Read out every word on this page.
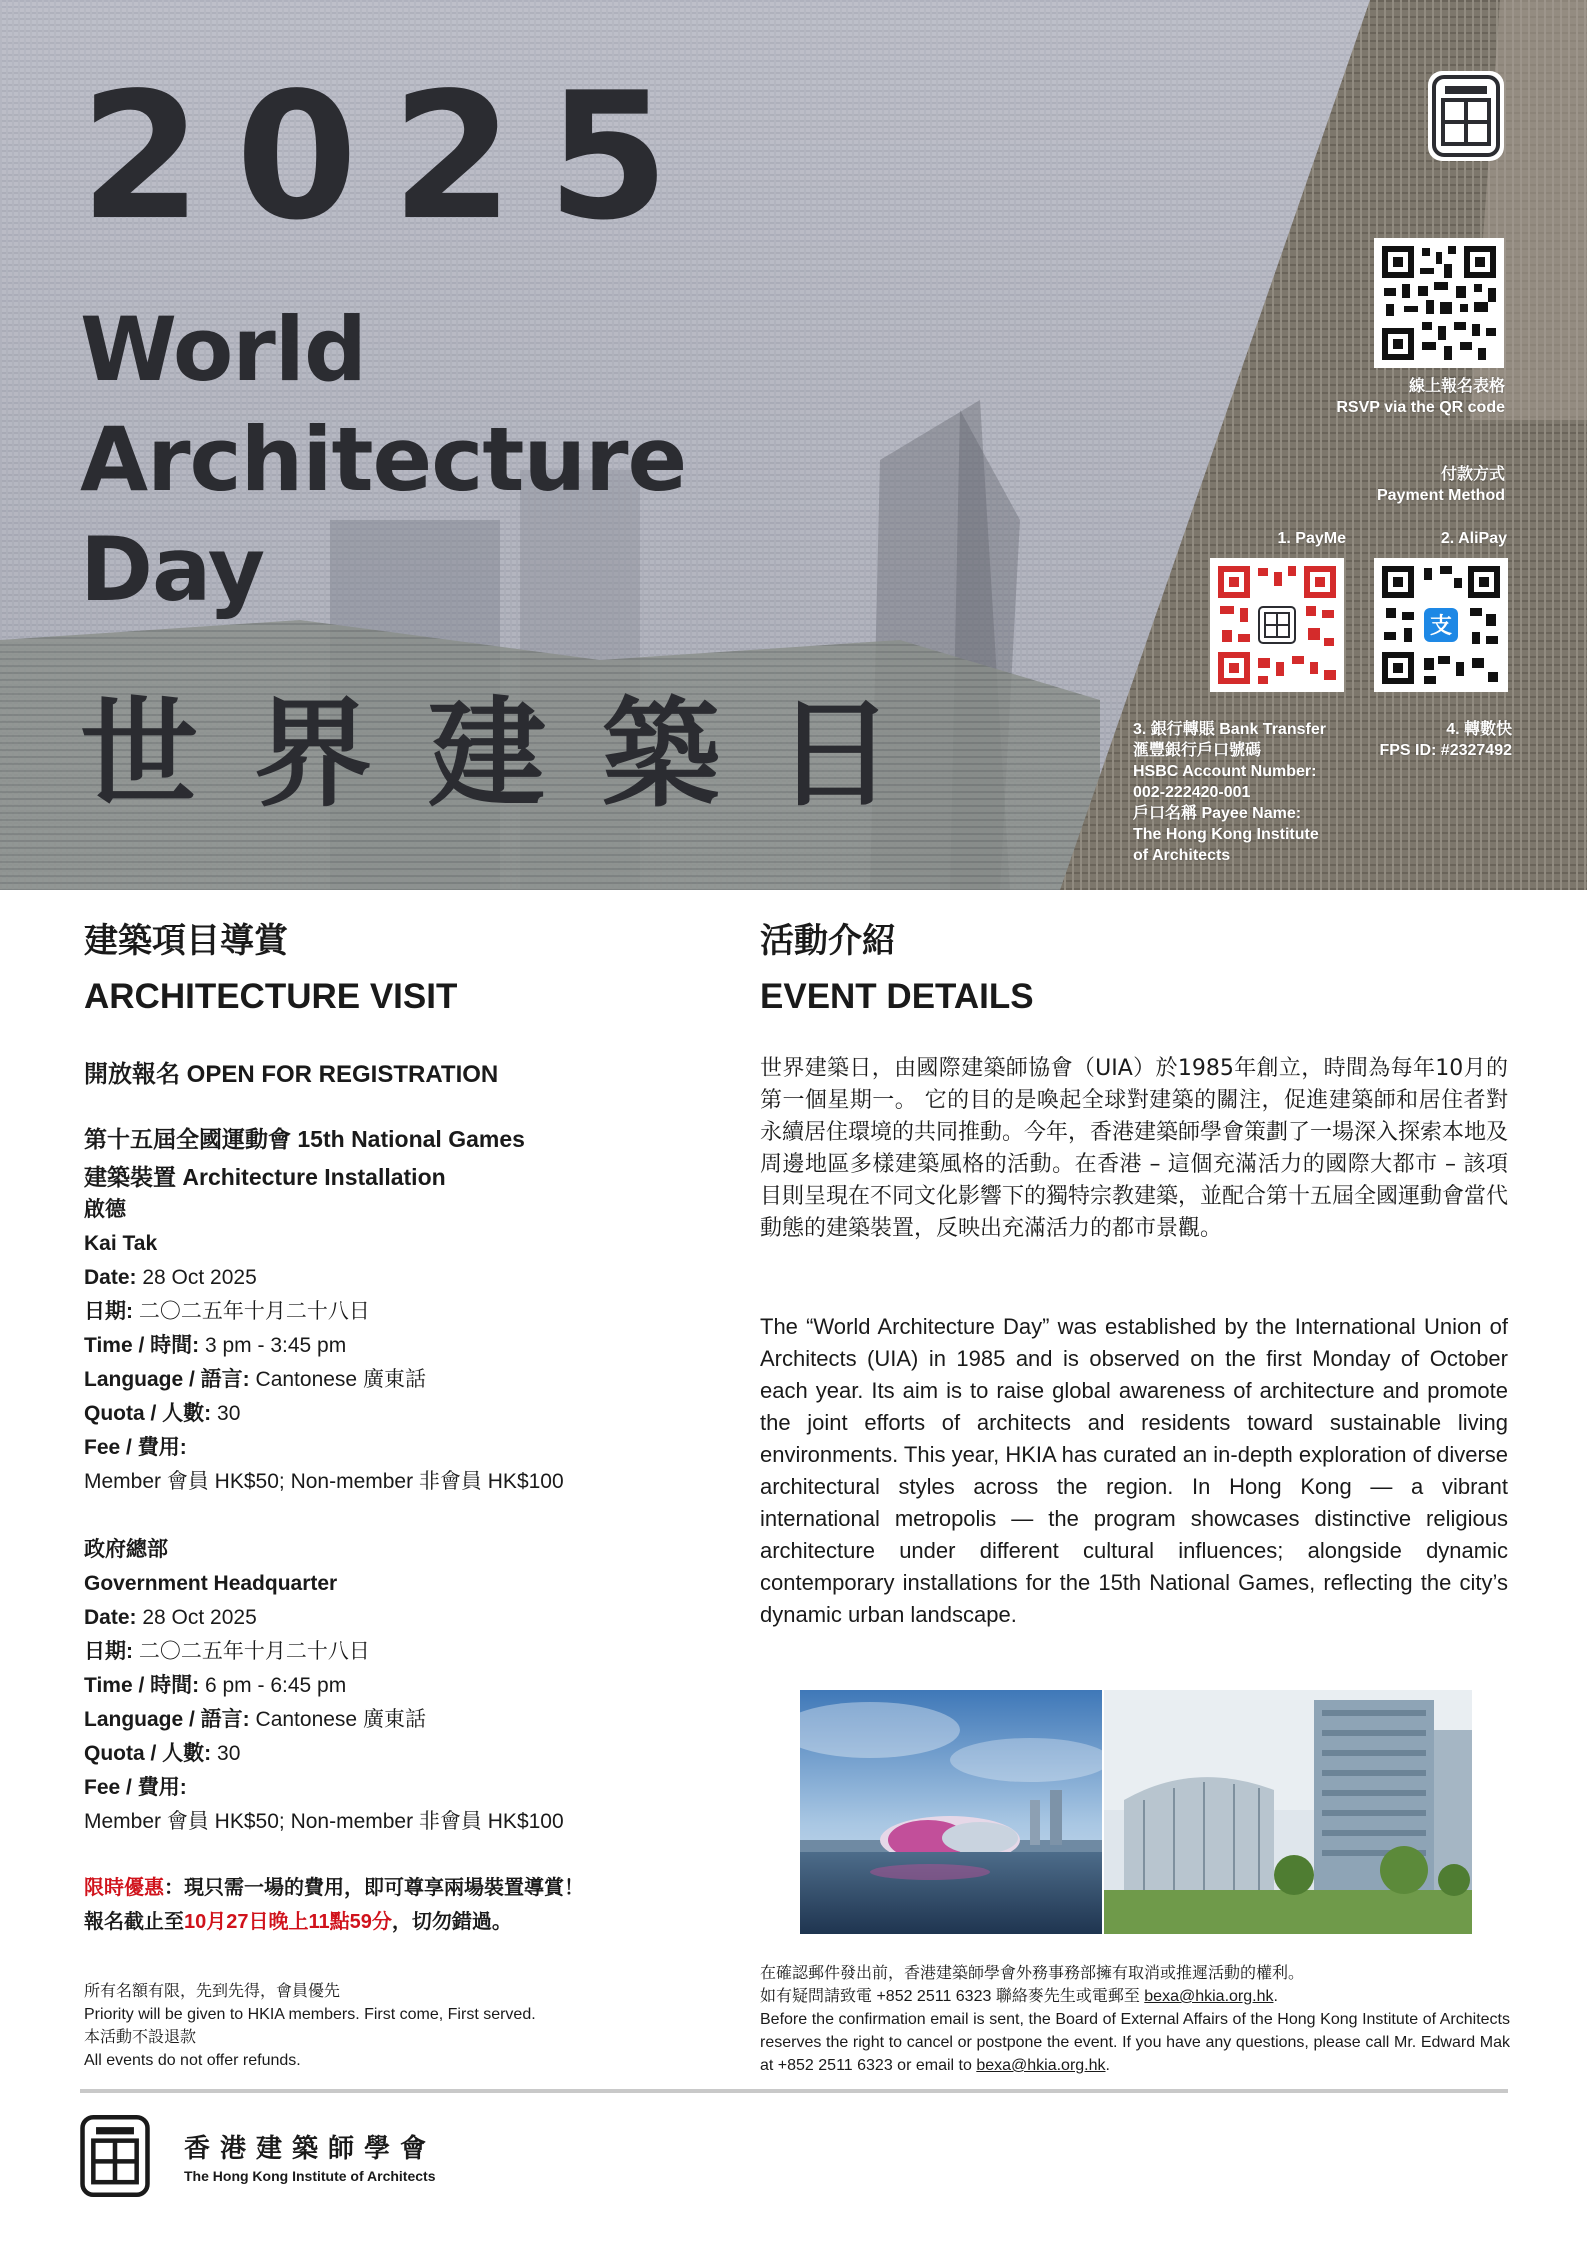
2025
World
Architecture
Day
世界建築日
線上報名表格
RSVP via the QR code
付款方式
Payment Method
1. PayMe	2. AliPay
支
3. 銀行轉賬 Bank Transfer
滙豐銀行戶口號碼
HSBC Account Number:
002-222420-001
戶口名稱 Payee Name:
The Hong Kong Institute
of Architects
4. 轉數快
FPS ID: #2327492
建築項目導賞
ARCHITECTURE VISIT
開放報名 OPEN FOR REGISTRATION
第十五屆全國運動會 15th National Games
建築裝置 Architecture Installation
啟德
Kai Tak
Date: 28 Oct 2025
日期: 二〇二五年十月二十八日
Time / 時間: 3 pm - 3:45 pm
Language / 語言: Cantonese 廣東話
Quota / 人數: 30
Fee / 費用:
Member 會員 HK$50; Non-member 非會員 HK$100
政府總部
Government Headquarter
Date: 28 Oct 2025
日期: 二〇二五年十月二十八日
Time / 時間: 6 pm - 6:45 pm
Language / 語言: Cantonese 廣東話
Quota / 人數: 30
Fee / 費用:
Member 會員 HK$50; Non-member 非會員 HK$100
限時優惠：現只需一場的費用，即可尊享兩場裝置導賞！
報名截止至10月27日晚上11點59分，切勿錯過。
所有名額有限，先到先得，會員優先
Priority will be given to HKIA members. First come, First served.
本活動不設退款
All events do not offer refunds.
活動介紹
EVENT DETAILS
世界建築日，由國際建築師協會（UIA）於1985年創立，時間為每年10月的第一個星期一。 它的目的是喚起全球對建築的關注，促進建築師和居住者對永續居住環境的共同推動。今年，香港建築師學會策劃了一場深入探索本地及周邊地區多樣建築風格的活動。在香港 – 這個充滿活力的國際大都市 – 該項目則呈現在不同文化影響下的獨特宗教建築，並配合第十五屆全國運動會當代動態的建築裝置，反映出充滿活力的都市景觀。
The “World Architecture Day” was established by the International Union of Architects (UIA) in 1985 and is observed on the first Monday of October each year. Its aim is to raise global awareness of architecture and promote the joint efforts of architects and residents toward sustainable living environments. This year, HKIA has curated an in-depth exploration of diverse architectural styles across the region. In Hong Kong — a vibrant international metropolis — the program showcases distinctive religious architecture under different cultural influences; alongside dynamic contemporary installations for the 15th National Games, reflecting the city’s dynamic urban landscape.
在確認郵件發出前，香港建築師學會外務事務部擁有取消或推遲活動的權利。
如有疑問請致電 +852 2511 6323 聯絡麥先生或電郵至 bexa@hkia.org.hk.
Before the confirmation email is sent, the Board of External Affairs of the Hong Kong Institute of Architects reserves the right to cancel or postpone the event. If you have any questions, please call Mr. Edward Mak at +852 2511 6323 or email to bexa@hkia.org.hk.
香港建築師學會
The Hong Kong Institute of Architects
